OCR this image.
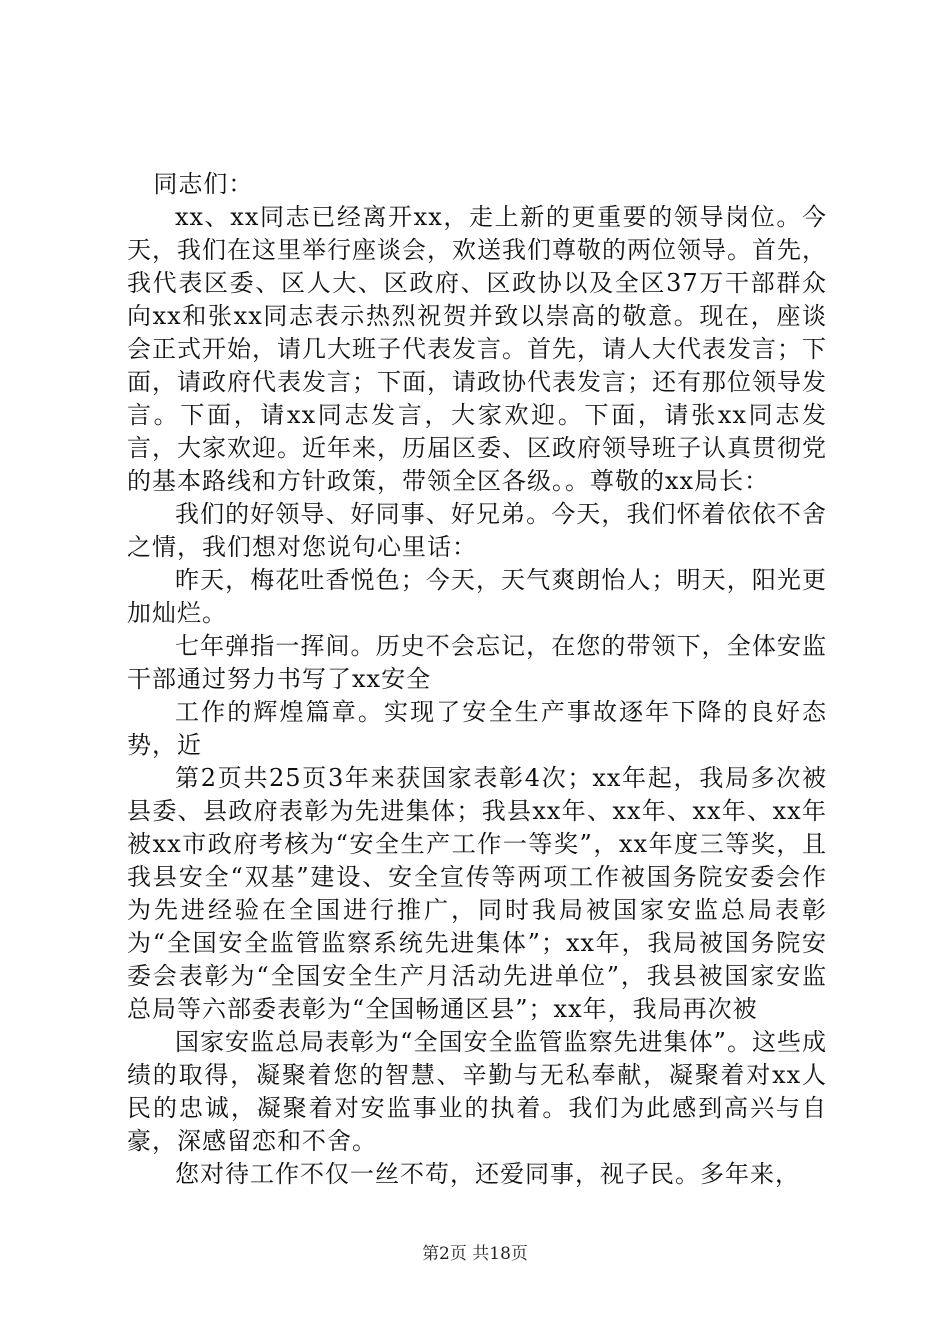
同志们：

xx、xx同志已经离开xx，走上新的更重要的领导岗位。今天，我们在这里举行座谈会，欢送我们尊敬的两位领导。首先，我代表区委、区人大、区政府、区政协以及全区37万干部群众向xx和张xx同志表示热烈祝贺并致以崇高的敬意。现在，座谈会正式开始，请几大班子代表发言。首先，请人大代表发言；下面，请政府代表发言；下面，请政协代表发言；还有那位领导发言。下面，请xx同志发言，大家欢迎。下面，请张xx同志发言，大家欢迎。近年来，历届区委、区政府领导班子认真贯彻党的基本路线和方针政策，带领全区各级。。尊敬的xx局长：

我们的好领导、好同事、好兄弟。今天，我们怀着依依不舍之情，我们想对您说句心里话：

昨天，梅花吐香悦色；今天，天气爽朗怡人；明天，阳光更加灿烂。

七年弹指一挥间。历史不会忘记，在您的带领下，全体安监干部通过努力书写了xx安全

工作的辉煌篇章。实现了安全生产事故逐年下降的良好态势，近

第2页共25页3年来获国家表彰4次；xx年起，我局多次被县委、县政府表彰为先进集体；我县xx年、xx年、xx年、xx年被xx市政府考核为“安全生产工作一等奖”，xx年度三等奖，且我县安全“双基”建设、安全宣传等两项工作被国务院安委会作为先进经验在全国进行推广，同时我局被国家安监总局表彰为“全国安全监管监察系统先进集体”；xx年，我局被国务院安委会表彰为“全国安全生产月活动先进单位”，我县被国家安监总局等六部委表彰为“全国畅通区县”；xx年，我局再次被

国家安监总局表彰为“全国安全监管监察先进集体”。这些成绩的取得，凝聚着您的智慧、辛勤与无私奉献，凝聚着对xx人民的忠诚，凝聚着对安监事业的执着。我们为此感到高兴与自豪，深感留恋和不舍。

您对待工作不仅一丝不苟，还爱同事，视子民。多年来，

第2页 共18页
